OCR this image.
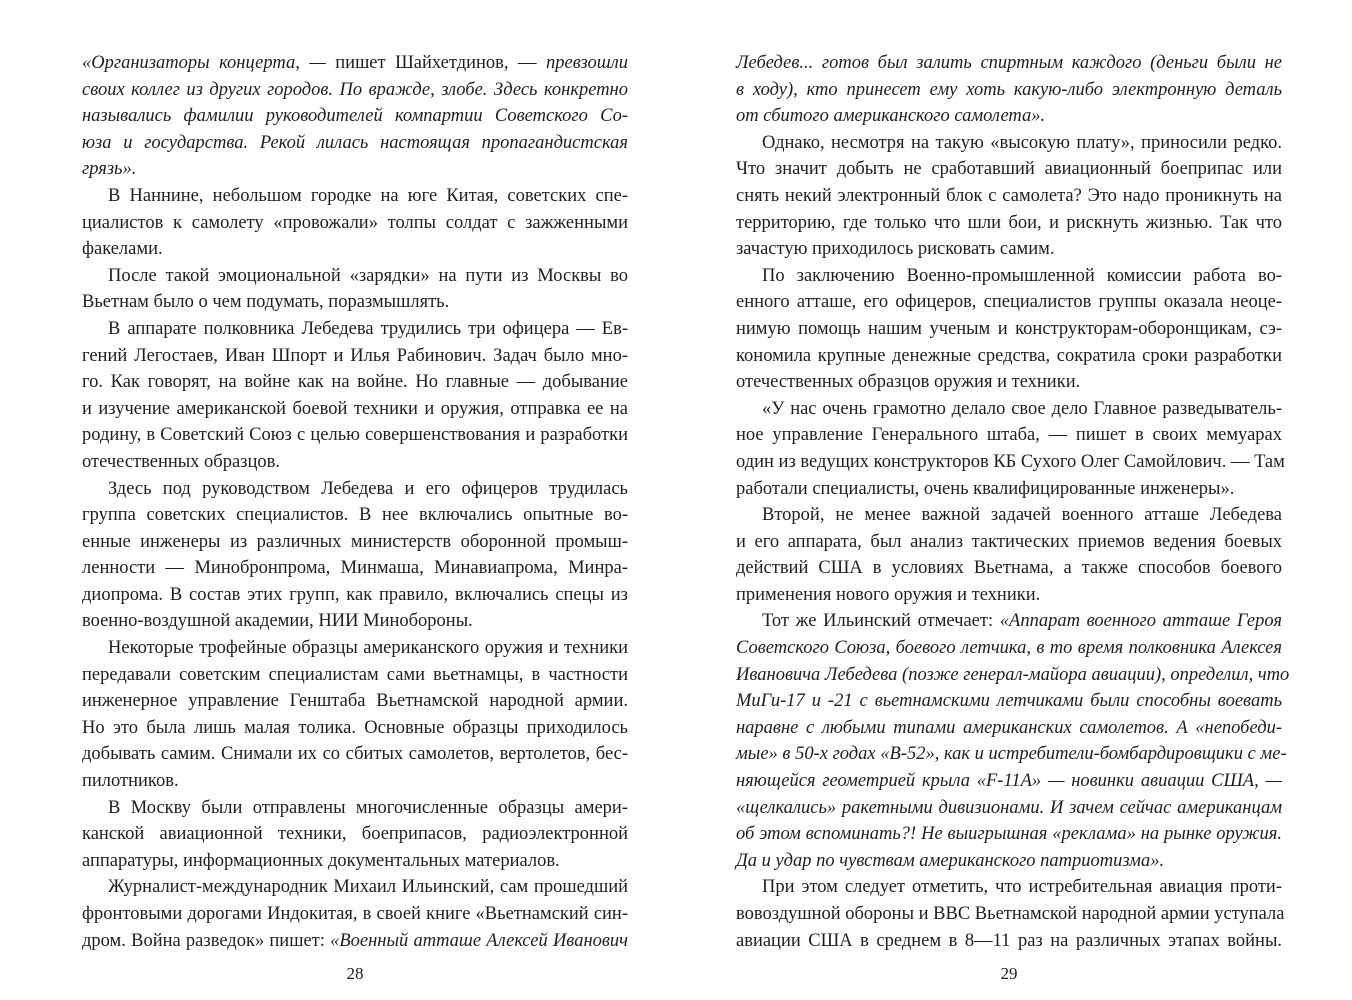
«Организаторы концерта, — пишет Шайхетдинов, — превзошли
своих коллег из других городов. По вражде, злобе. Здесь конкретно
назывались фамилии руководителей компартии Советского Со-
юза и государства. Рекой лилась настоящая пропагандистская
грязь».
В Наннине, небольшом городке на юге Китая, советских спе-
циалистов к самолету «провожали» толпы солдат с зажженными
факелами.
После такой эмоциональной «зарядки» на пути из Москвы во
Вьетнам было о чем подумать, поразмышлять.
В аппарате полковника Лебедева трудились три офицера — Ев-
гений Легостаев, Иван Шпорт и Илья Рабинович. Задач было мно-
го. Как говорят, на войне как на войне. Но главные — добывание
и изучение американской боевой техники и оружия, отправка ее на
родину, в Советский Союз с целью совершенствования и разработки
отечественных образцов.
Здесь под руководством Лебедева и его офицеров трудилась
группа советских специалистов. В нее включались опытные во-
енные инженеры из различных министерств оборонной промыш-
ленности — Минобронпрома, Минмаша, Минавиапрома, Минра-
диопрома. В состав этих групп, как правило, включались спецы из
военно-воздушной академии, НИИ Минобороны.
Некоторые трофейные образцы американского оружия и техники
передавали советским специалистам сами вьетнамцы, в частности
инженерное управление Генштаба Вьетнамской народной армии.
Но это была лишь малая толика. Основные образцы приходилось
добывать самим. Снимали их со сбитых самолетов, вертолетов, бес-
пилотников.
В Москву были отправлены многочисленные образцы амери-
канской авиационной техники, боеприпасов, радиоэлектронной
аппаратуры, информационных документальных материалов.
Журналист-международник Михаил Ильинский, сам прошедший
фронтовыми дорогами Индокитая, в своей книге «Вьетнамский син-
дром. Война разведок» пишет: «Военный атташе Алексей Иванович
28
Лебедев... готов был залить спиртным каждого (деньги были не
в ходу), кто принесет ему хоть какую-либо электронную деталь
от сбитого американского самолета».
Однако, несмотря на такую «высокую плату», приносили редко.
Что значит добыть не сработавший авиационный боеприпас или
снять некий электронный блок с самолета? Это надо проникнуть на
территорию, где только что шли бои, и рискнуть жизнью. Так что
зачастую приходилось рисковать самим.
По заключению Военно-промышленной комиссии работа во-
енного атташе, его офицеров, специалистов группы оказала неоце-
нимую помощь нашим ученым и конструкторам-оборонщикам, сэ-
кономила крупные денежные средства, сократила сроки разработки
отечественных образцов оружия и техники.
«У нас очень грамотно делало свое дело Главное разведыватель-
ное управление Генерального штаба, — пишет в своих мемуарах
один из ведущих конструкторов КБ Сухого Олег Самойлович. — Там
работали специалисты, очень квалифицированные инженеры».
Второй, не менее важной задачей военного атташе Лебедева
и его аппарата, был анализ тактических приемов ведения боевых
действий США в условиях Вьетнама, а также способов боевого
применения нового оружия и техники.
Тот же Ильинский отмечает: «Аппарат военного атташе Героя
Советского Союза, боевого летчика, в то время полковника Алексея
Ивановича Лебедева (позже генерал-майора авиации), определил, что
МиГи-17 и -21 с вьетнамскими летчиками были способны воевать
наравне с любыми типами американских самолетов. А «непобеди-
мые» в 50-х годах «B-52», как и истребители-бомбардировщики с ме-
няющейся геометрией крыла «F-11A» — новинки авиации США, —
«щелкались» ракетными дивизионами. И зачем сейчас американцам
об этом вспоминать?! Не выигрышная «реклама» на рынке оружия.
Да и удар по чувствам американского патриотизма».
При этом следует отметить, что истребительная авиация проти-
вовоздушной обороны и ВВС Вьетнамской народной армии уступала
авиации США в среднем в 8—11 раз на различных этапах войны.
29
